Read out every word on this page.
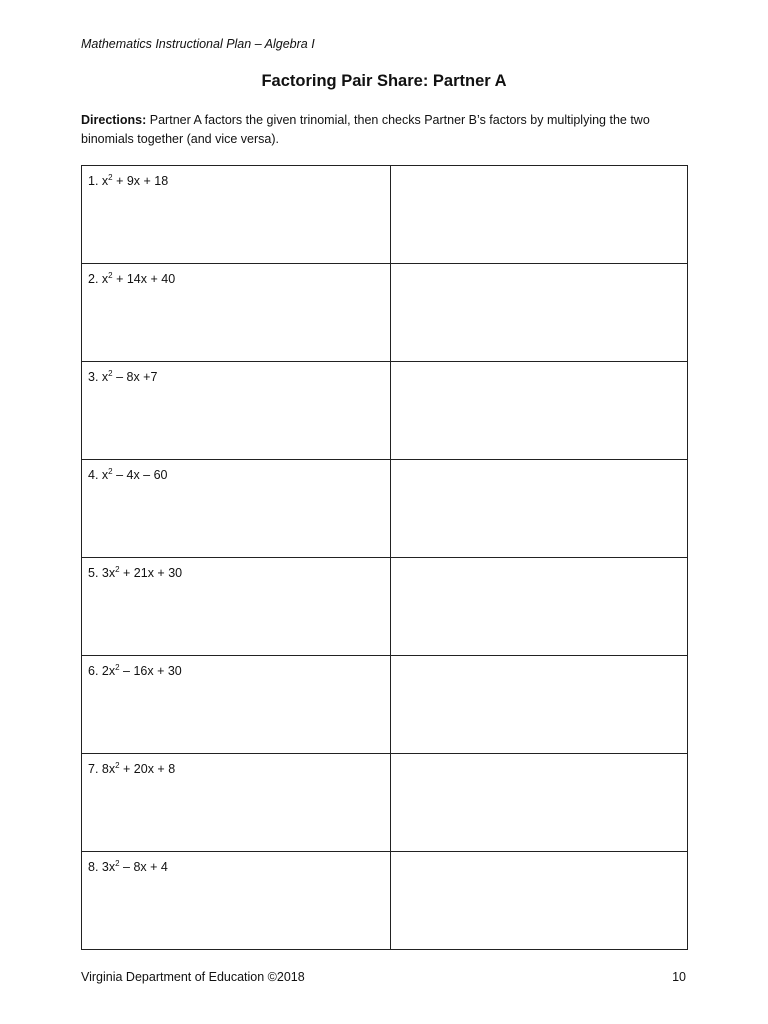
Mathematics Instructional Plan – Algebra I
Factoring Pair Share: Partner A
Directions: Partner A factors the given trinomial, then checks Partner B’s factors by multiplying the two binomials together (and vice versa).
1. $x^2 + 9x + 18$	
2. $x^2 + 14x + 40$	
3. $x^2 - 8x +7$	
4. $x^2 - 4x - 60$	
5. $3x^2 + 21x + 30$	
6. $2x^2 - 16x + 30$	
7. $8x^2 + 20x + 8$	
8. $3x^2 - 8x + 4$	
Virginia Department of Education ©2018	10
